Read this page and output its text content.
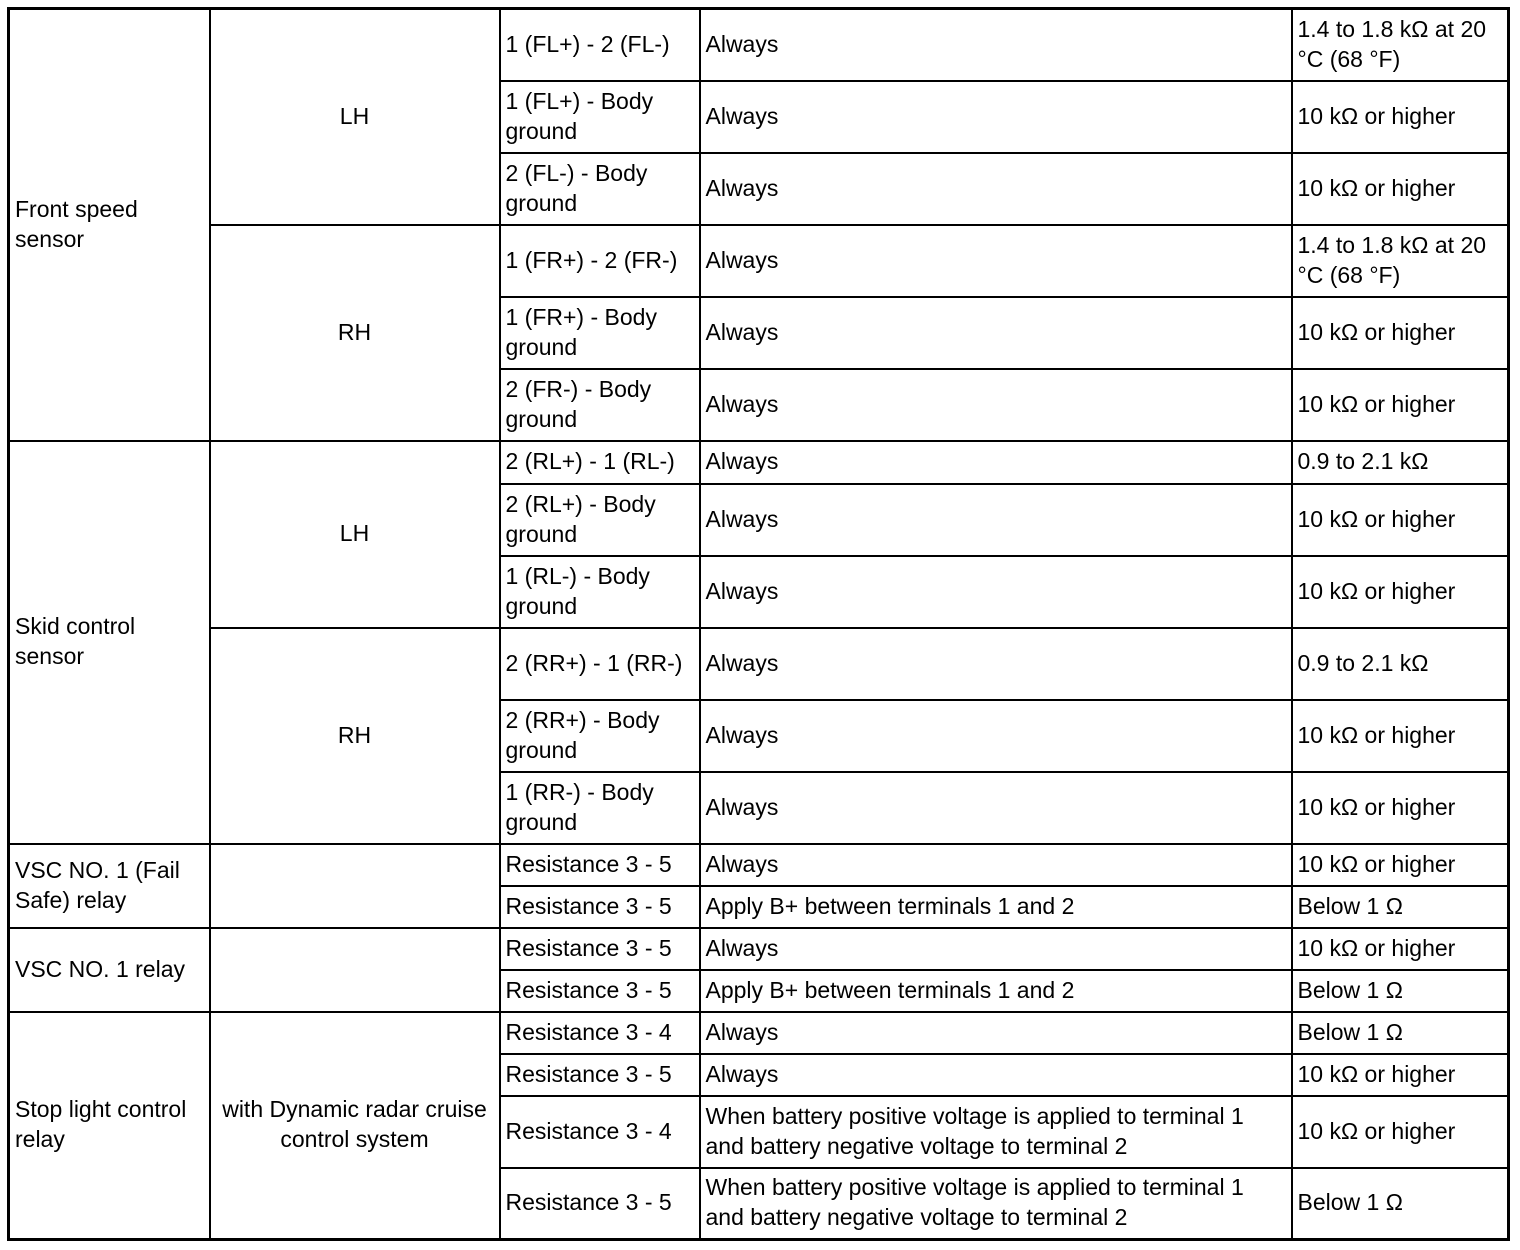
Front speed sensor	LH	1 (FL+) - 2 (FL-)	Always	1.4 to 1.8 kΩ at 20 °C (68 °F)
		1 (FL+) - Body ground	Always	10 kΩ or higher
		2 (FL-) - Body ground	Always	10 kΩ or higher
	RH	1 (FR+) - 2 (FR-)	Always	1.4 to 1.8 kΩ at 20 °C (68 °F)
		1 (FR+) - Body ground	Always	10 kΩ or higher
		2 (FR-) - Body ground	Always	10 kΩ or higher
Skid control sensor	LH	2 (RL+) - 1 (RL-)	Always	0.9 to 2.1 kΩ
		2 (RL+) - Body ground	Always	10 kΩ or higher
		1 (RL-) - Body ground	Always	10 kΩ or higher
	RH	2 (RR+) - 1 (RR-)	Always	0.9 to 2.1 kΩ
		2 (RR+) - Body ground	Always	10 kΩ or higher
		1 (RR-) - Body ground	Always	10 kΩ or higher
VSC NO. 1 (Fail Safe) relay		Resistance 3 - 5	Always	10 kΩ or higher
		Resistance 3 - 5	Apply B+ between terminals 1 and 2	Below 1 Ω
VSC NO. 1 relay		Resistance 3 - 5	Always	10 kΩ or higher
		Resistance 3 - 5	Apply B+ between terminals 1 and 2	Below 1 Ω
Stop light control relay	with Dynamic radar cruise control system	Resistance 3 - 4	Always	Below 1 Ω
		Resistance 3 - 5	Always	10 kΩ or higher
		Resistance 3 - 4	When battery positive voltage is applied to terminal 1 and battery negative voltage to terminal 2	10 kΩ or higher
		Resistance 3 - 5	When battery positive voltage is applied to terminal 1 and battery negative voltage to terminal 2	Below 1 Ω
